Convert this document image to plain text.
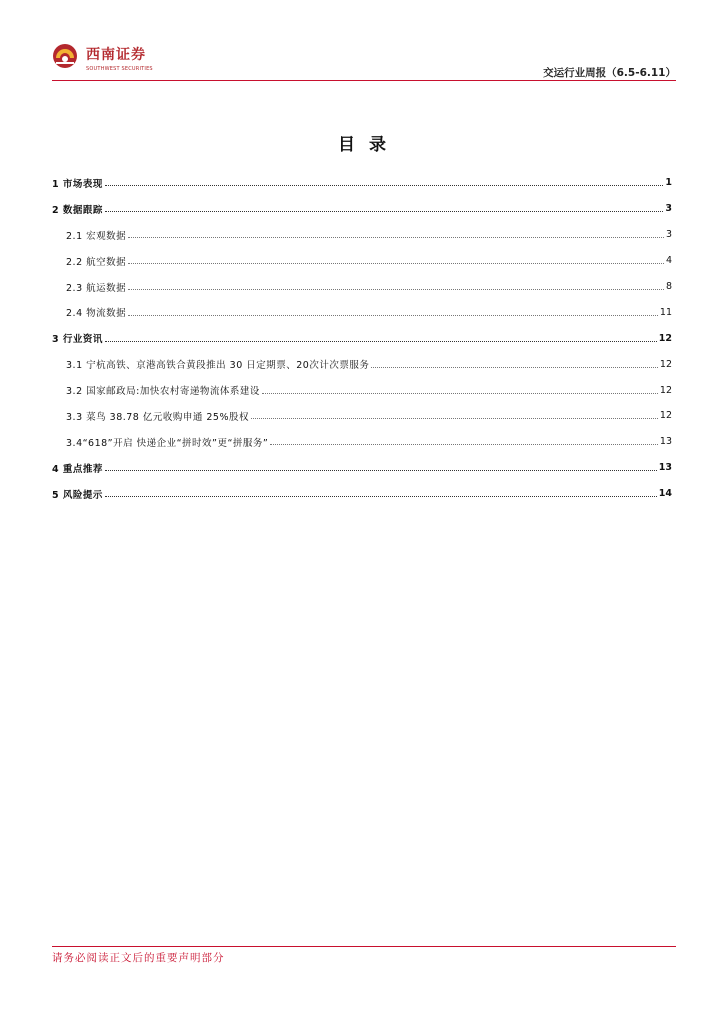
西南证券
SOUTHWEST SECURITIES	交运行业周报（6.5-6.11）
目录
1 市场表现	1
2 数据跟踪	3
2.1 宏观数据	3
2.2 航空数据	4
2.3 航运数据	8
2.4 物流数据	11
3 行业资讯	12
3.1 宁杭高铁、京港高铁合黄段推出 30 日定期票、20次计次票服务	12
3.2 国家邮政局:加快农村寄递物流体系建设	12
3.3 菜鸟 38.78 亿元收购申通 25%股权	12
3.4“618”开启 快递企业“拼时效”更“拼服务”	13
4 重点推荐	13
5 风险提示	14
请务必阅读正文后的重要声明部分
